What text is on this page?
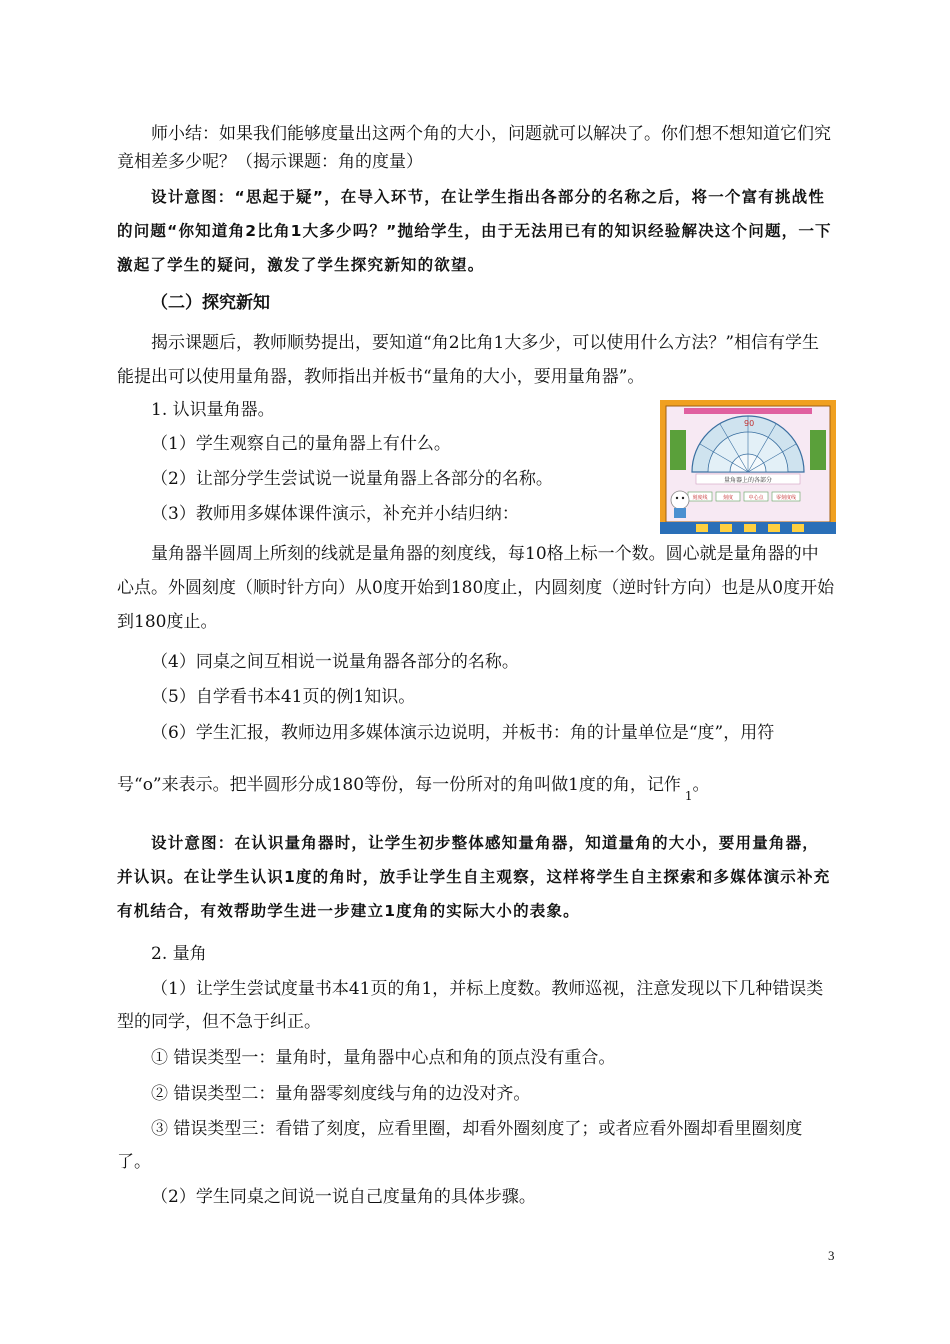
师小结：如果我们能够度量出这两个角的大小，问题就可以解决了。你们想不想知道它们究竟相差多少呢？（揭示课题：角的度量）

设计意图：“思起于疑”，在导入环节，在让学生指出各部分的名称之后，将一个富有挑战性的问题“你知道角2比角1大多少吗？”抛给学生，由于无法用已有的知识经验解决这个问题，一下激起了学生的疑问，激发了学生探究新知的欲望。

（二）探究新知

揭示课题后，教师顺势提出，要知道“角2比角1大多少，可以使用什么方法？”相信有学生能提出可以使用量角器，教师指出并板书“量角的大小，要用量角器”。

1. 认识量角器。

（1）学生观察自己的量角器上有什么。

（2）让部分学生尝试说一说量角器上各部分的名称。

（3）教师用多媒体课件演示，补充并小结归纳：

90
量角器上的各部分
刻度线	刻度	中心点 零刻度线

量角器半圆周上所刻的线就是量角器的刻度线，每10格上标一个数。圆心就是量角器的中心点。外圆刻度（顺时针方向）从0度开始到180度止，内圆刻度（逆时针方向）也是从0度开始到180度止。

（4）同桌之间互相说一说量角器各部分的名称。

（5）自学看书本41页的例1知识。

（6）学生汇报，教师边用多媒体演示边说明，并板书：角的计量单位是“度”，用符

号“o”来表示。把半圆形分成180等份，每一份所对的角叫做1度的角，记作$_1$。

设计意图：在认识量角器时，让学生初步整体感知量角器，知道量角的大小，要用量角器，并认识。在让学生认识1度的角时，放手让学生自主观察，这样将学生自主探索和多媒体演示补充有机结合，有效帮助学生进一步建立1度角的实际大小的表象。

2. 量角

（1）让学生尝试度量书本41页的角1，并标上度数。教师巡视，注意发现以下几种错误类型的同学，但不急于纠正。

① 错误类型一：量角时，量角器中心点和角的顶点没有重合。

② 错误类型二：量角器零刻度线与角的边没对齐。

③ 错误类型三：看错了刻度，应看里圈，却看外圈刻度了；或者应看外圈却看里圈刻度了。

（2）学生同桌之间说一说自己度量角的具体步骤。

3
